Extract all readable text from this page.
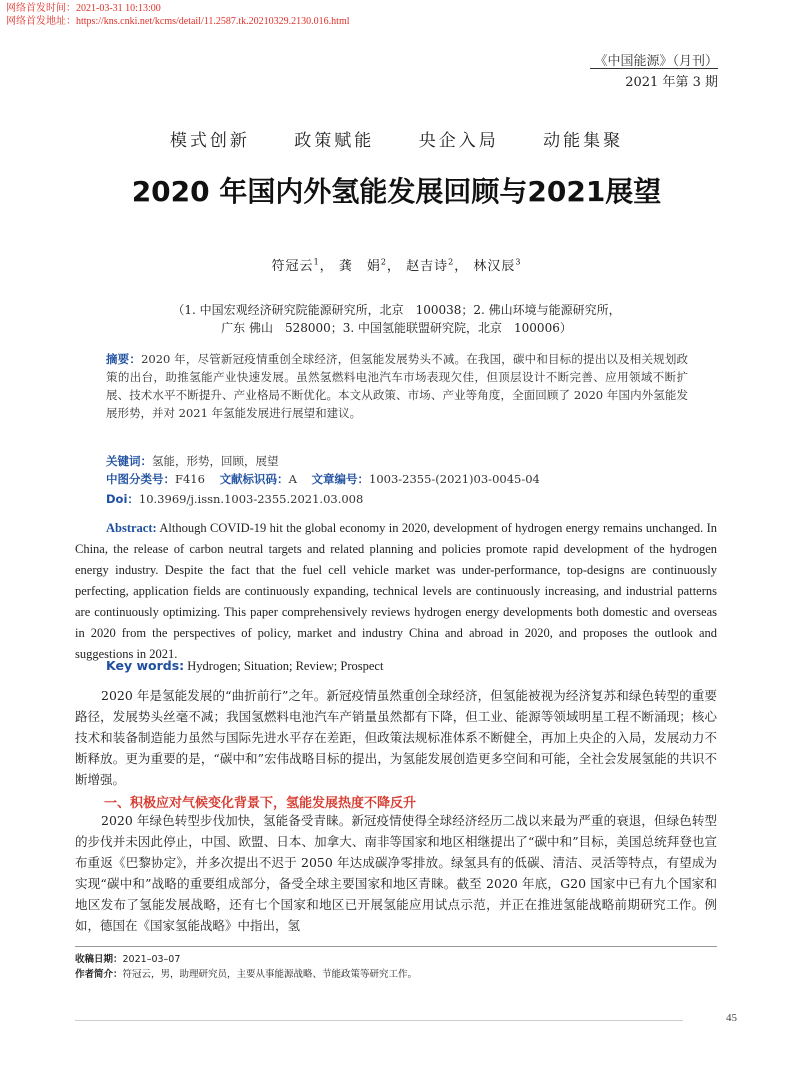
网络首发时间：2021-03-31 10:13:00
网络首发地址：https://kns.cnki.net/kcms/detail/11.2587.tk.20210329.2130.016.html
《中国能源》（月刊）
2021 年第 3 期
模式创新	政策赋能	央企入局	动能集聚
2020 年国内外氢能发展回顾与2021展望
符冠云$^1$， 龚　娟$^2$， 赵吉诗$^2$， 林汉辰$^3$
（1. 中国宏观经济研究院能源研究所，北京　100038；2. 佛山环境与能源研究所，
广东 佛山　528000；3. 中国氢能联盟研究院，北京　100006）
摘要：2020 年，尽管新冠疫情重创全球经济，但氢能发展势头不减。在我国，碳中和目标的提出以及相关规划政策的出台，助推氢能产业快速发展。虽然氢燃料电池汽车市场表现欠佳，但顶层设计不断完善、应用领域不断扩展、技术水平不断提升、产业格局不断优化。本文从政策、市场、产业等角度，全面回顾了 2020 年国内外氢能发展形势，并对 2021 年氢能发展进行展望和建议。
关键词：氢能，形势，回顾，展望
中图分类号：F416 文献标识码：A 文章编号：1003-2355-(2021)03-0045-04
Doi：10.3969/j.issn.1003-2355.2021.03.008
Abstract: Although COVID-19 hit the global economy in 2020, development of hydrogen energy remains unchanged. In China, the release of carbon neutral targets and related planning and policies promote rapid development of the hydrogen energy industry. Despite the fact that the fuel cell vehicle market was under-performance, top-designs are continuously perfecting, application fields are continuously expanding, technical levels are continuously increasing, and industrial patterns are continuously optimizing. This paper comprehensively reviews hydrogen energy developments both domestic and overseas in 2020 from the perspectives of policy, market and industry China and abroad in 2020, and proposes the outlook and suggestions in 2021.
Key words: Hydrogen; Situation; Review; Prospect
2020 年是氢能发展的“曲折前行”之年。新冠疫情虽然重创全球经济，但氢能被视为经济复苏和绿色转型的重要路径，发展势头丝毫不减；我国氢燃料电池汽车产销量虽然都有下降，但工业、能源等领域明星工程不断涌现；核心技术和装备制造能力虽然与国际先进水平存在差距，但政策法规标准体系不断健全，再加上央企的入局，发展动力不断释放。更为重要的是，“碳中和”宏伟战略目标的提出，为氢能发展创造更多空间和可能，全社会发展氢能的共识不断增强。
一、积极应对气候变化背景下，氢能发展热度不降反升
2020 年绿色转型步伐加快，氢能备受青睐。新冠疫情使得全球经济经历二战以来最为严重的衰退，但绿色转型的步伐并未因此停止，中国、欧盟、日本、加拿大、南非等国家和地区相继提出了“碳中和”目标，美国总统拜登也宣布重返《巴黎协定》，并多次提出不迟于 2050 年达成碳净零排放。绿氢具有的低碳、清洁、灵活等特点，有望成为实现“碳中和”战略的重要组成部分，备受全球主要国家和地区青睐。截至 2020 年底，G20 国家中已有九个国家和地区发布了氢能发展战略，还有七个国家和地区已开展氢能应用试点示范，并正在推进氢能战略前期研究工作。例如，德国在《国家氢能战略》中指出，氢
收稿日期：2021–03–07
作者简介：符冠云，男，助理研究员，主要从事能源战略、节能政策等研究工作。
45
